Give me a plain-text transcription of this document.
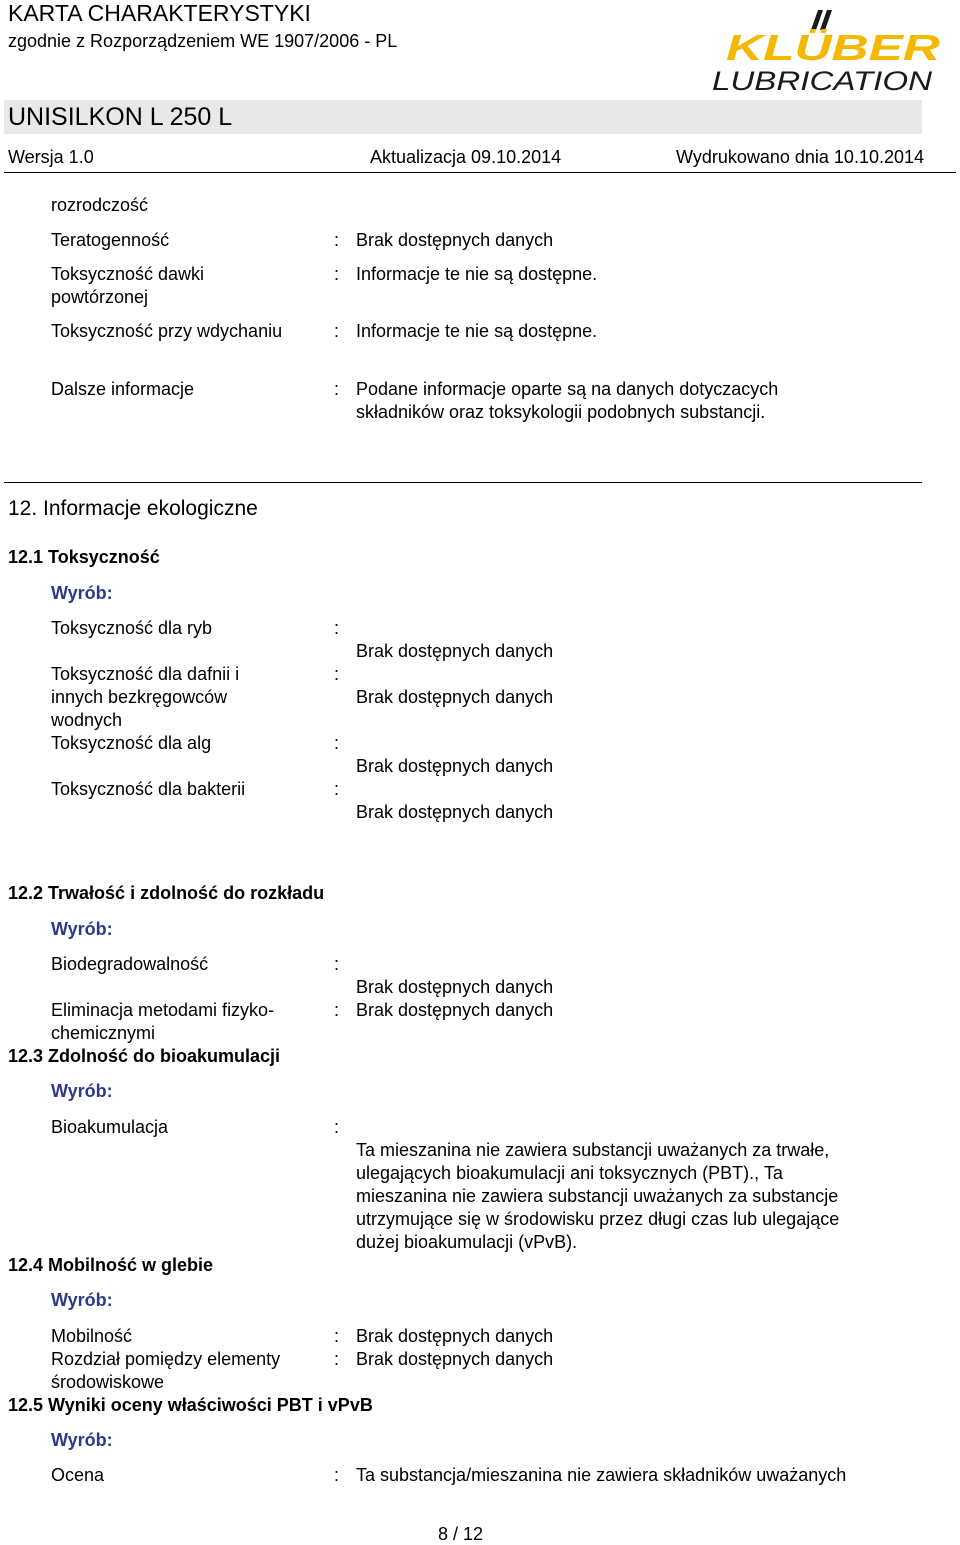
KARTA CHARAKTERYSTYKI
zgodnie z Rozporządzeniem WE 1907/2006 - PL	KLÜBER
LUBRICATION
UNISILKON L 250 L
Wersja 1.0	Aktualizacja 09.10.2014	Wydrukowano dnia 10.10.2014
rozrodczość
Teratogenność	: Brak dostępnych danych
Toksyczność dawki
powtórzonej
: Informacje te nie są dostępne.
Toksyczność przy wdychaniu	: Informacje te nie są dostępne.
Dalsze informacje	: Podane informacje oparte są na danych dotyczacych
składników oraz toksykologii podobnych substancji.
12. Informacje ekologiczne
12.1 Toksyczność
Wyrób:
Toksyczność dla ryb	:
Brak dostępnych danych
Toksyczność dla dafnii i
innych bezkręgowców
wodnych
:
Brak dostępnych danych
Toksyczność dla alg	:
Brak dostępnych danych
Toksyczność dla bakterii	:
Brak dostępnych danych
12.2 Trwałość i zdolność do rozkładu
Wyrób:
Biodegradowalność	:
Brak dostępnych danych
Eliminacja metodami fizyko-
chemicznymi
: Brak dostępnych danych
12.3 Zdolność do bioakumulacji
Wyrób:
Bioakumulacja	:
Ta mieszanina nie zawiera substancji uważanych za trwałe,
ulegających bioakumulacji ani toksycznych (PBT)., Ta
mieszanina nie zawiera substancji uważanych za substancje
utrzymujące się w środowisku przez długi czas lub ulegające
dużej bioakumulacji (vPvB).
12.4 Mobilność w glebie
Wyrób:
Mobilność	: Brak dostępnych danych
Rozdział pomiędzy elementy
środowiskowe
: Brak dostępnych danych
12.5 Wyniki oceny właściwości PBT i vPvB
Wyrób:
Ocena	: Ta substancja/mieszanina nie zawiera składników uważanych
8 / 12
